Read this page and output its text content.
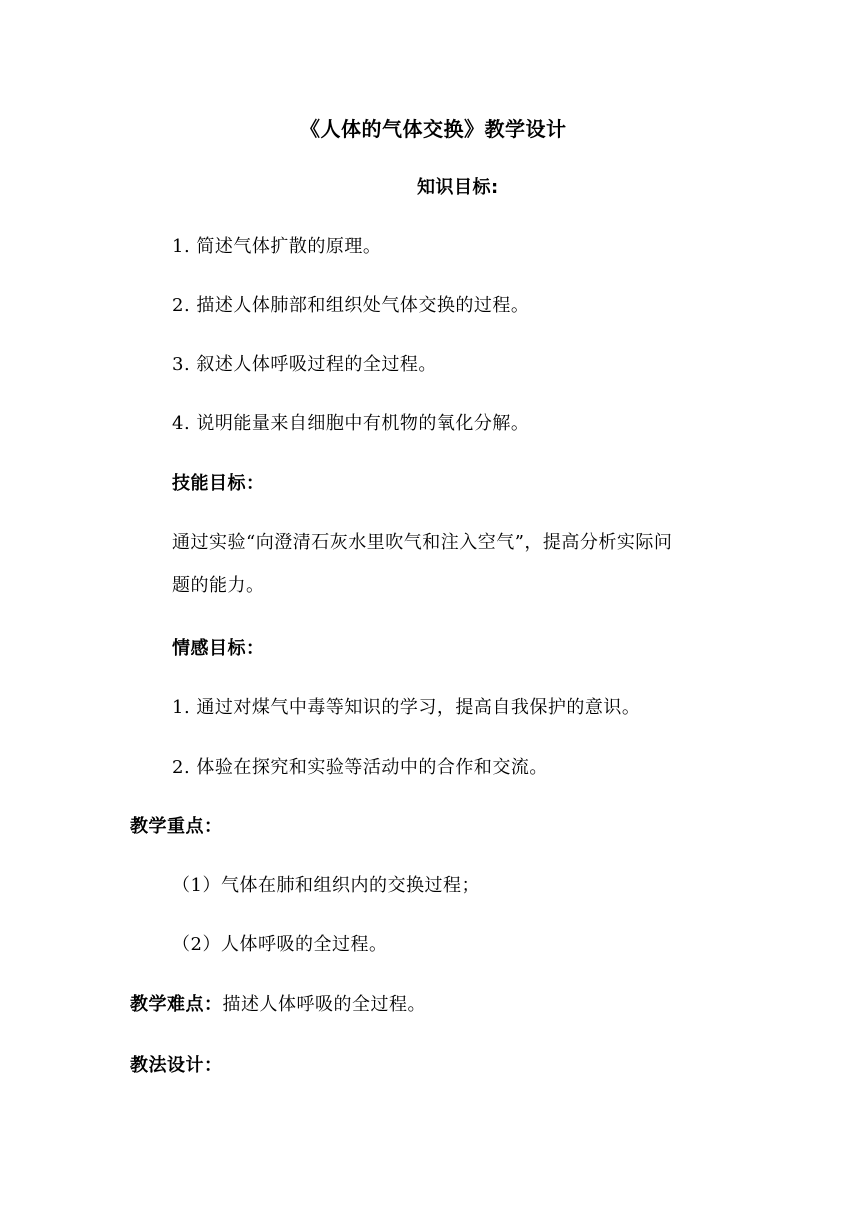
《人体的气体交换》教学设计
知识目标:
1. 简述气体扩散的原理。
2. 描述人体肺部和组织处气体交换的过程。
3. 叙述人体呼吸过程的全过程。
4. 说明能量来自细胞中有机物的氧化分解。
技能目标：
通过实验“向澄清石灰水里吹气和注入空气”，提高分析实际问
题的能力。
情感目标：
1. 通过对煤气中毒等知识的学习，提高自我保护的意识。
2. 体验在探究和实验等活动中的合作和交流。
教学重点：
（1）气体在肺和组织内的交换过程；
（2）人体呼吸的全过程。
教学难点：描述人体呼吸的全过程。
教法设计：
